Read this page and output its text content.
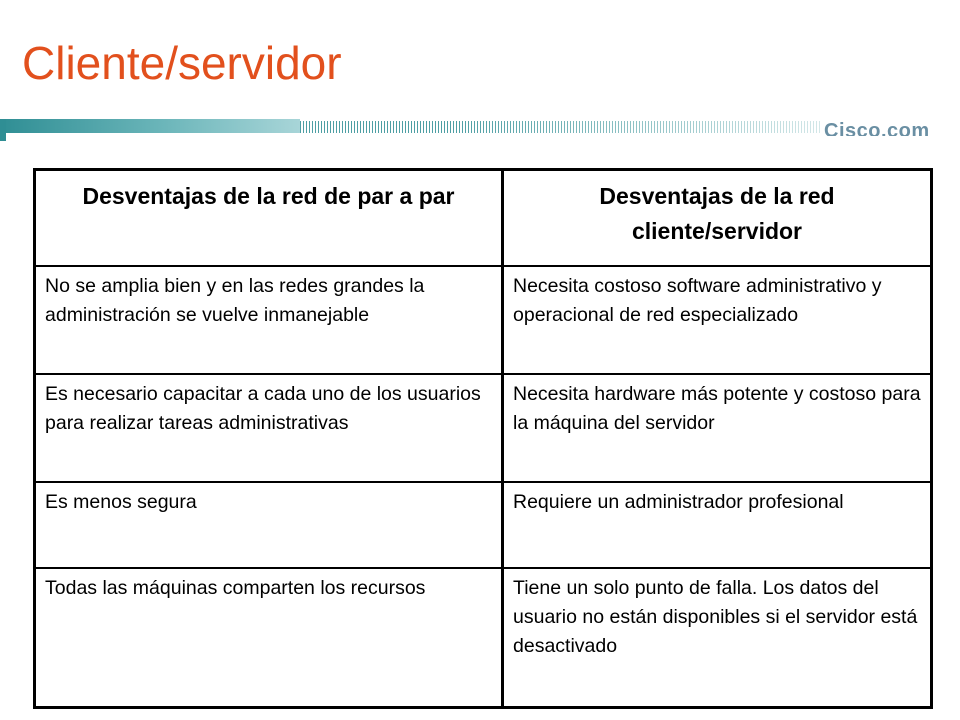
Cliente/servidor
Cisco.com
Desventajas de la red de par a par	Desventajas de la red cliente/servidor
No se amplia bien y en las redes grandes la administración se vuelve inmanejable	Necesita costoso software administrativo y operacional de red especializado
Es necesario capacitar a cada uno de los usuarios para realizar tareas administrativas	Necesita hardware más potente y costoso para la máquina del servidor
Es menos segura	Requiere un administrador profesional
Todas las máquinas comparten los recursos	Tiene un solo punto de falla. Los datos del usuario no están disponibles si el servidor está desactivado
